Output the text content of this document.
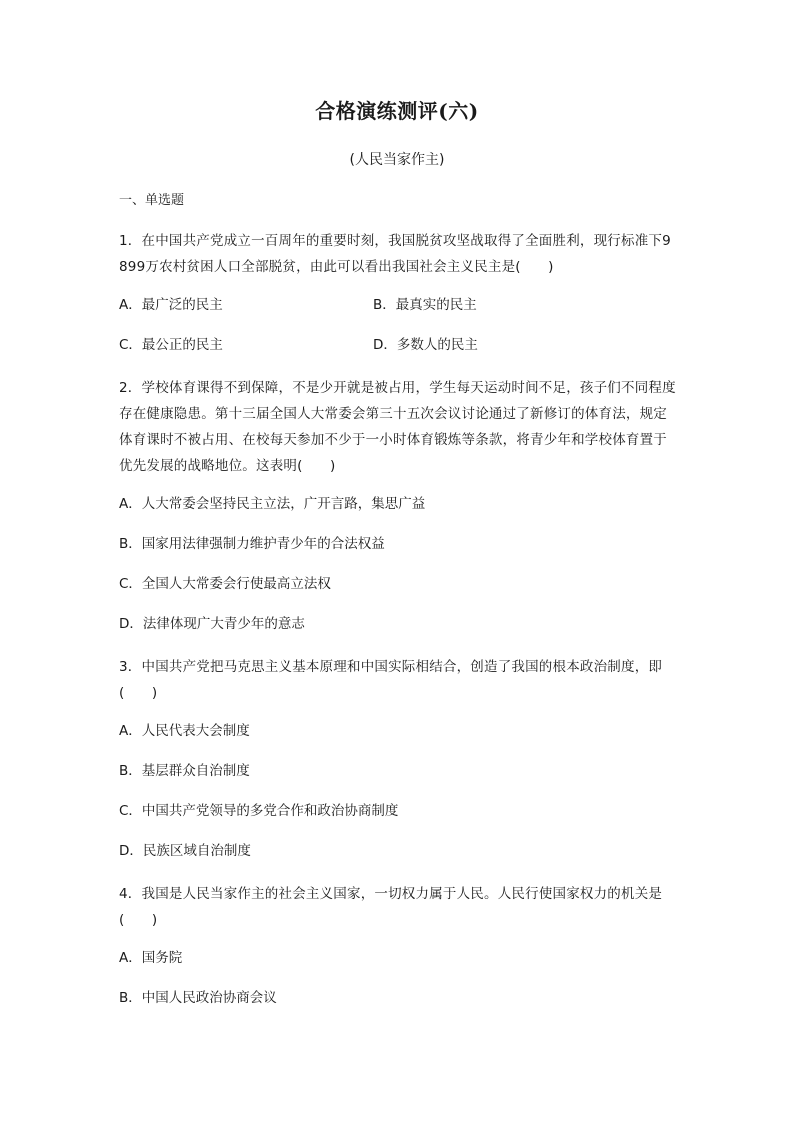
合格演练测评(六)
(人民当家作主)
一、单选题
1．在中国共产党成立一百周年的重要时刻，我国脱贫攻坚战取得了全面胜利，现行标准下9 899万农村贫困人口全部脱贫，由此可以看出我国社会主义民主是(　　)
A．最广泛的民主	B．最真实的民主
C．最公正的民主	D．多数人的民主
2．学校体育课得不到保障，不是少开就是被占用，学生每天运动时间不足，孩子们不同程度存在健康隐患。第十三届全国人大常委会第三十五次会议讨论通过了新修订的体育法，规定体育课时不被占用、在校每天参加不少于一小时体育锻炼等条款，将青少年和学校体育置于优先发展的战略地位。这表明(　　)
A．人大常委会坚持民主立法，广开言路，集思广益
B．国家用法律强制力维护青少年的合法权益
C．全国人大常委会行使最高立法权
D．法律体现广大青少年的意志
3．中国共产党把马克思主义基本原理和中国实际相结合，创造了我国的根本政治制度，即(　　)
A．人民代表大会制度
B．基层群众自治制度
C．中国共产党领导的多党合作和政治协商制度
D．民族区域自治制度
4．我国是人民当家作主的社会主义国家，一切权力属于人民。人民行使国家权力的机关是(　　)
A．国务院
B．中国人民政治协商会议
